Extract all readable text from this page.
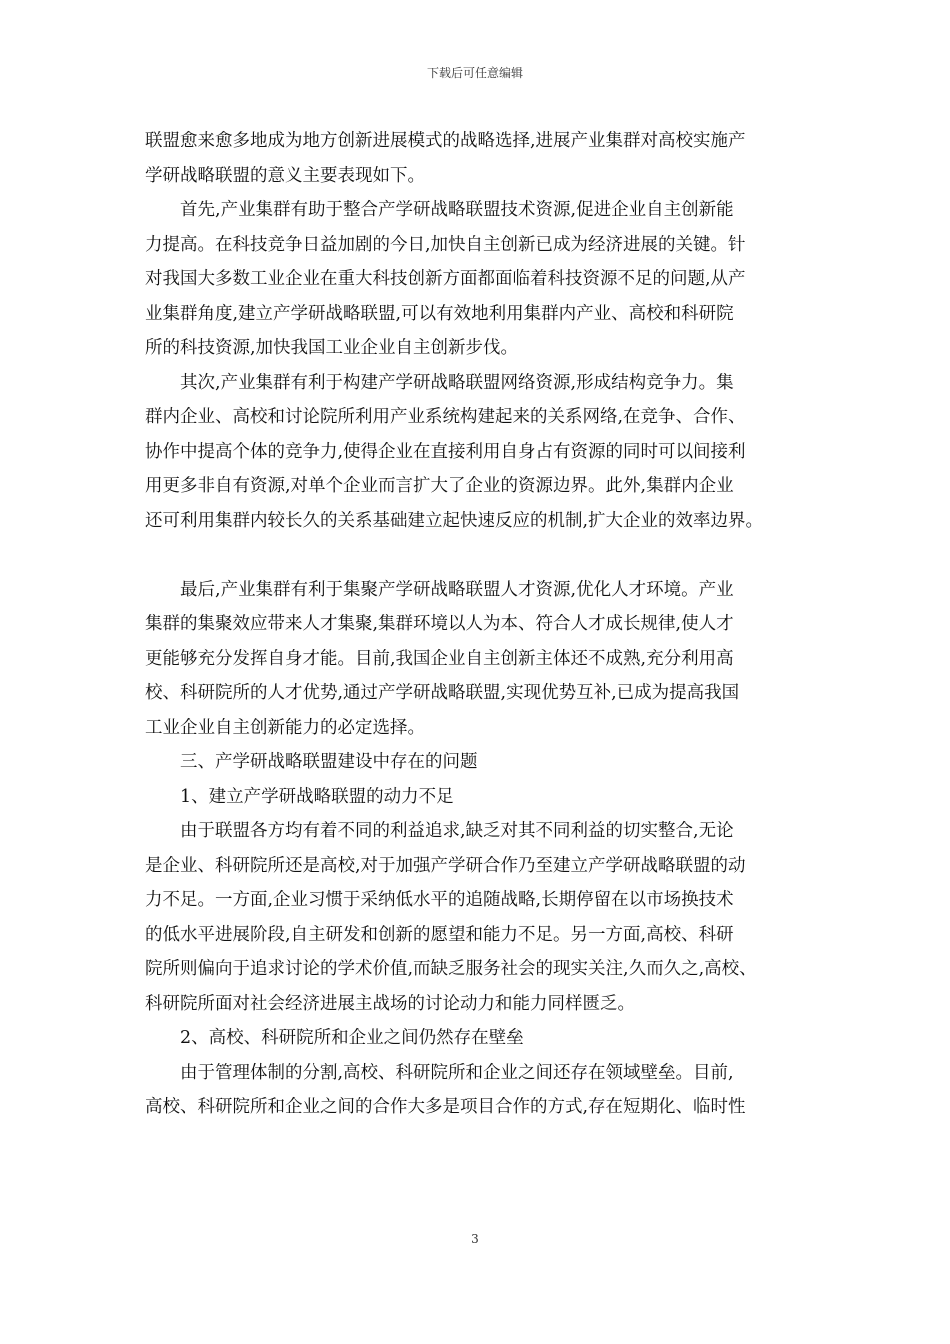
下载后可任意编辑
联盟愈来愈多地成为地方创新进展模式的战略选择,进展产业集群对高校实施产
学研战略联盟的意义主要表现如下。
首先,产业集群有助于整合产学研战略联盟技术资源,促进企业自主创新能
力提高。在科技竞争日益加剧的今日,加快自主创新已成为经济进展的关键。针
对我国大多数工业企业在重大科技创新方面都面临着科技资源不足的问题,从产
业集群角度,建立产学研战略联盟,可以有效地利用集群内产业、高校和科研院
所的科技资源,加快我国工业企业自主创新步伐。
其次,产业集群有利于构建产学研战略联盟网络资源,形成结构竞争力。集
群内企业、高校和讨论院所利用产业系统构建起来的关系网络,在竞争、合作、
协作中提高个体的竞争力,使得企业在直接利用自身占有资源的同时可以间接利
用更多非自有资源,对单个企业而言扩大了企业的资源边界。此外,集群内企业
还可利用集群内较长久的关系基础建立起快速反应的机制,扩大企业的效率边界。
最后,产业集群有利于集聚产学研战略联盟人才资源,优化人才环境。产业
集群的集聚效应带来人才集聚,集群环境以人为本、符合人才成长规律,使人才
更能够充分发挥自身才能。目前,我国企业自主创新主体还不成熟,充分利用高
校、科研院所的人才优势,通过产学研战略联盟,实现优势互补,已成为提高我国
工业企业自主创新能力的必定选择。
三、产学研战略联盟建设中存在的问题
1、建立产学研战略联盟的动力不足
由于联盟各方均有着不同的利益追求,缺乏对其不同利益的切实整合,无论
是企业、科研院所还是高校,对于加强产学研合作乃至建立产学研战略联盟的动
力不足。一方面,企业习惯于采纳低水平的追随战略,长期停留在以市场换技术
的低水平进展阶段,自主研发和创新的愿望和能力不足。另一方面,高校、科研
院所则偏向于追求讨论的学术价值,而缺乏服务社会的现实关注,久而久之,高校、
科研院所面对社会经济进展主战场的讨论动力和能力同样匮乏。
2、高校、科研院所和企业之间仍然存在壁垒
由于管理体制的分割,高校、科研院所和企业之间还存在领域壁垒。目前,
高校、科研院所和企业之间的合作大多是项目合作的方式,存在短期化、临时性
3
